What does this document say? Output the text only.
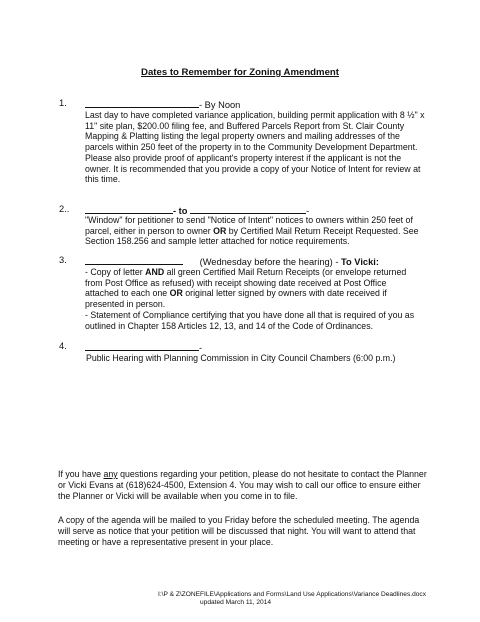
Dates to Remember for Zoning Amendment
1.	- By Noon
Last day to have completed variance application, building permit application with 8 ½" x 11" site plan, $200.00 filing fee, and Buffered Parcels Report from St. Clair County Mapping & Platting listing the legal property owners and mailing addresses of the parcels within 250 feet of the property in to the Community Development Department. Please also provide proof of applicant's property interest if the applicant is not the owner. It is recommended that you provide a copy of your Notice of Intent for review at this time.
2..	- to	-
"Window" for petitioner to send "Notice of Intent" notices to owners within 250 feet of parcel, either in person to owner OR by Certified Mail Return Receipt Requested. See Section 158.256 and sample letter attached for notice requirements.
3.	(Wednesday before the hearing) - To Vicki:
- Copy of letter AND all green Certified Mail Return Receipts (or envelope returned from Post Office as refused) with receipt showing date received at Post Office attached to each one OR original letter signed by owners with date received if presented in person.
- Statement of Compliance certifying that you have done all that is required of you as outlined in Chapter 158 Articles 12, 13, and 14 of the Code of Ordinances.
4.	-
Public Hearing with Planning Commission in City Council Chambers (6:00 p.m.)
If you have any questions regarding your petition, please do not hesitate to contact the Planner or Vicki Evans at (618)624-4500, Extension 4. You may wish to call our office to ensure either the Planner or Vicki will be available when you come in to file.
A copy of the agenda will be mailed to you Friday before the scheduled meeting. The agenda will serve as notice that your petition will be discussed that night. You will want to attend that meeting or have a representative present in your place.
I:\P & Z\ZONEFILE\Applications and Forms\Land Use Applications\Variance Deadlines.docx
updated March 11, 2014
